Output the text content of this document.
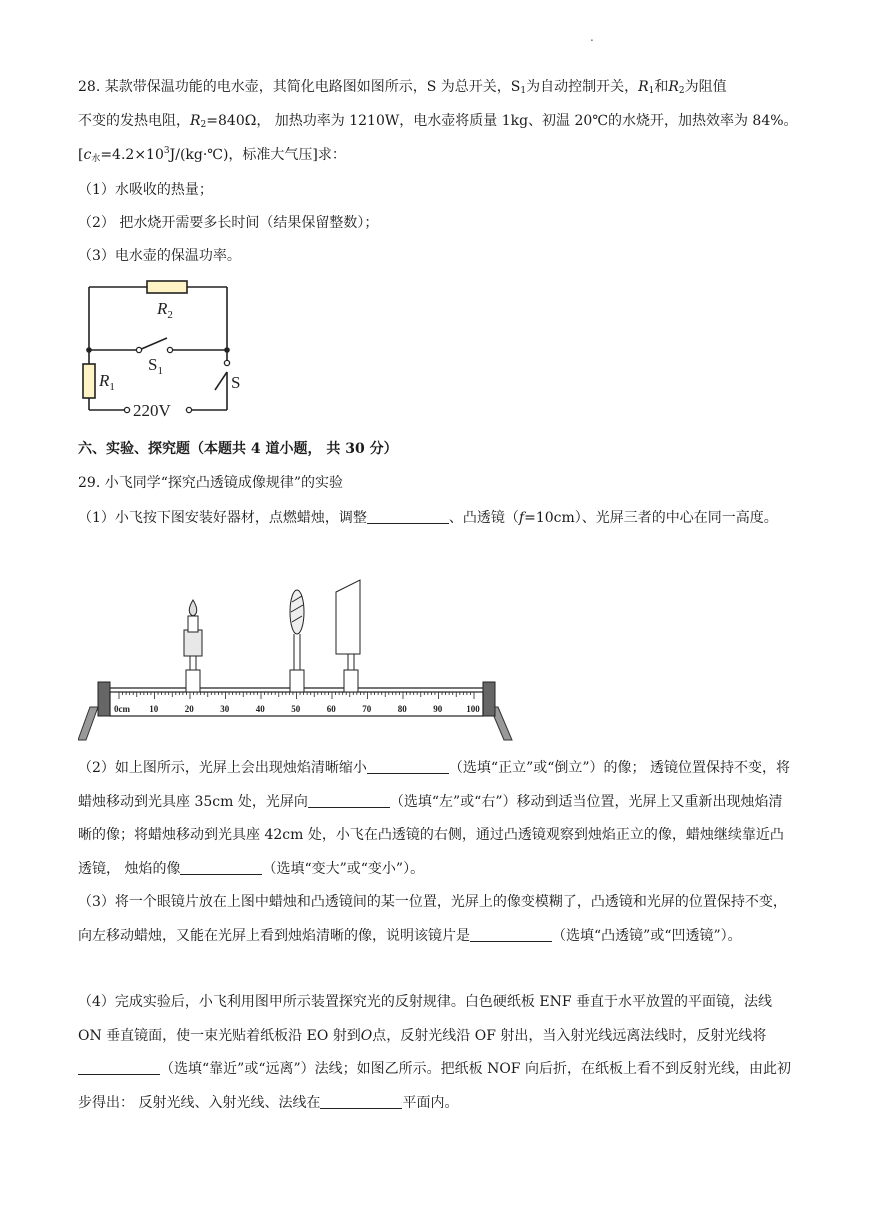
.
28. 某款带保温功能的电水壶，其简化电路图如图所示，S 为总开关，$S_1$为自动控制开关，$R_1$和$R_2$为阻值
不变的发热电阻，$R_2=840\Omega$， 加热功率为 1210W，电水壶将质量 1kg、初温 20℃的水烧开，加热效率为 84%。
[$c_水=4.2\times 10^3J/(kg\cdot℃)$，标准大气压]求：
（1）水吸收的热量；
（2） 把水烧开需要多长时间（结果保留整数）；
（3）电水壶的保温功率。
$R_2$
$S_1$
$R_1$	S
220V
六、实验、探究题（本题共 4 道小题， 共 30 分）
29. 小飞同学“探究凸透镜成像规律”的实验

（1）小飞按下图安装好器材，点燃蜡烛，调整	、凸透镜（f=10cm）、光屏三者的中心在同一高度。

0cm 10	20	30	40	50	60	70	80	90	100

（2）如上图所示，光屏上会出现烛焰清晰缩小	（选填“正立”或“倒立”）的像； 透镜位置保持不变，将蜡烛移动到光具座 35cm 处，光屏向	（选填“左”或“右”）移动到适当位置，光屏上又重新出现烛焰清晰的像；将蜡烛移动到光具座 42cm 处，小飞在凸透镜的右侧，通过凸透镜观察到烛焰正立的像，蜡烛继续靠近凸透镜， 烛焰的像	（选填“变大”或“变小”）。

（3）将一个眼镜片放在上图中蜡烛和凸透镜间的某一位置，光屏上的像变模糊了，凸透镜和光屏的位置保持不变，向左移动蜡烛，又能在光屏上看到烛焰清晰的像，说明该镜片是	（选填“凸透镜”或“凹透镜”）。

（4）完成实验后，小飞利用图甲所示装置探究光的反射规律。白色硬纸板 ENF 垂直于水平放置的平面镜，法线 ON 垂直镜面，使一束光贴着纸板沿 EO 射到O点，反射光线沿 OF 射出，当入射光线远离法线时，反射光线将（选填“靠近”或“远离”）法线；如图乙所示。把纸板 NOF 向后折，在纸板上看不到反射光线，由此初步得出： 反射光线、入射光线、法线在	平面内。
